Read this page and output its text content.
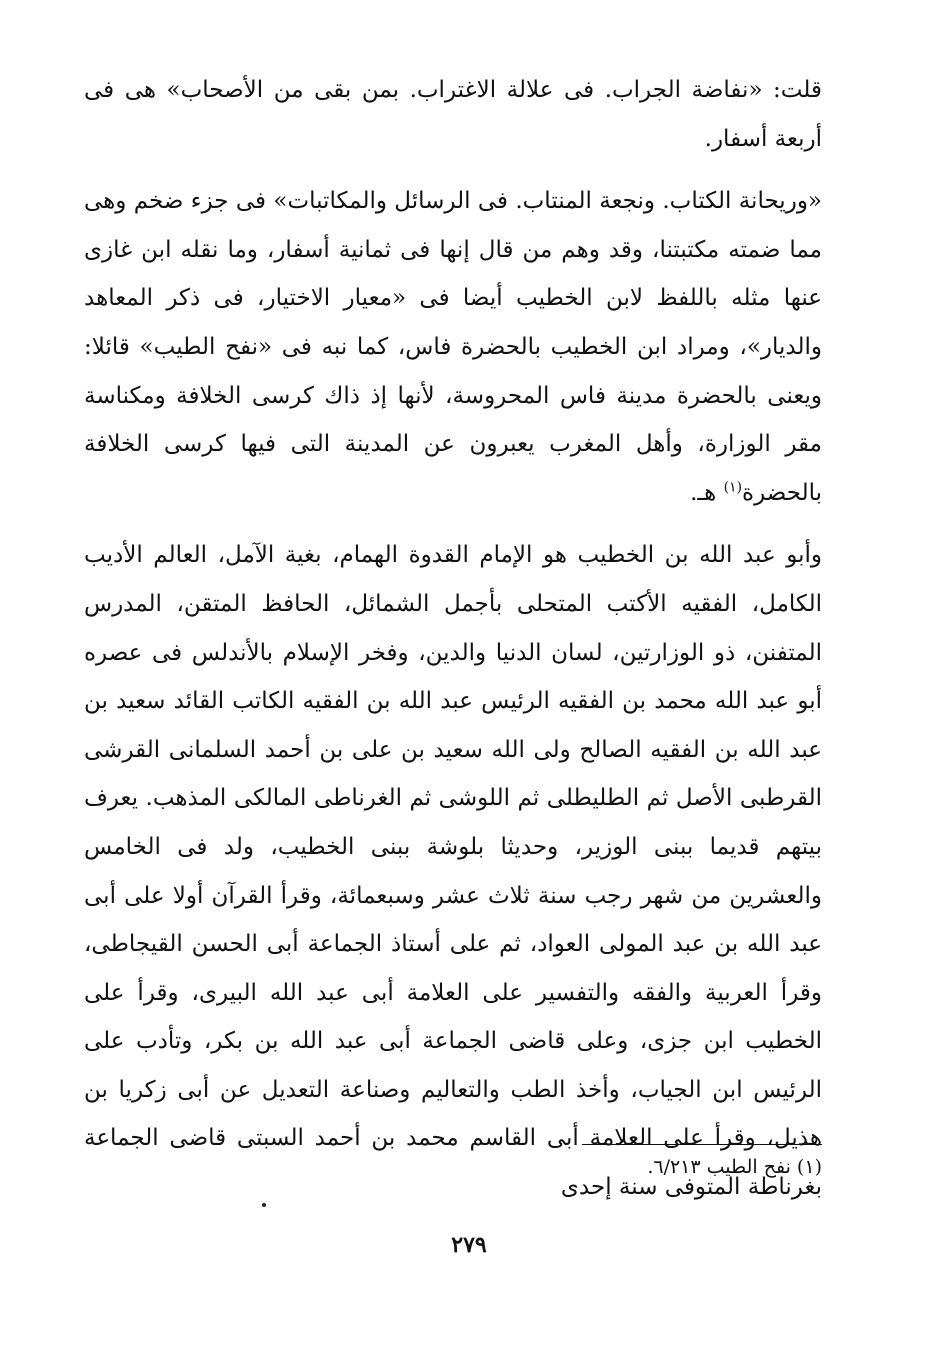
قلت: «نفاضة الجراب. فى علالة الاغتراب. بمن بقى من الأصحاب» هى فى أربعة أسفار.

«وريحانة الكتاب. ونجعة المنتاب. فى الرسائل والمكاتبات» فى جزء ضخم وهى مما ضمته مكتبتنا، وقد وهم من قال إنها فى ثمانية أسفار، وما نقله ابن غازى عنها مثله باللفظ لابن الخطيب أيضا فى «معيار الاختيار، فى ذكر المعاهد والديار»، ومراد ابن الخطيب بالحضرة فاس، كما نبه فى «نفح الطيب» قائلا: ويعنى بالحضرة مدينة فاس المحروسة، لأنها إذ ذاك كرسى الخلافة ومكناسة مقر الوزارة، وأهل المغرب يعبرون عن المدينة التى فيها كرسى الخلافة بالحضرة$^{(١)}$ هـ.

وأبو عبد الله بن الخطيب هو الإمام القدوة الهمام، بغية الآمل، العالم الأديب الكامل، الفقيه الأكتب المتحلى بأجمل الشمائل، الحافظ المتقن، المدرس المتفنن، ذو الوزارتين، لسان الدنيا والدين، وفخر الإسلام بالأندلس فى عصره أبو عبد الله محمد بن الفقيه الرئيس عبد الله بن الفقيه الكاتب القائد سعيد بن عبد الله بن الفقيه الصالح ولى الله سعيد بن على بن أحمد السلمانى القرشى القرطبى الأصل ثم الطليطلى ثم اللوشى ثم الغرناطى المالكى المذهب. يعرف بيتهم قديما ببنى الوزير، وحديثا بلوشة ببنى الخطيب، ولد فى الخامس والعشرين من شهر رجب سنة ثلاث عشر وسبعمائة، وقرأ القرآن أولا على أبى عبد الله بن عبد المولى العواد، ثم على أستاذ الجماعة أبى الحسن القيجاطى، وقرأ العربية والفقه والتفسير على العلامة أبى عبد الله البيرى، وقرأ على الخطيب ابن جزى، وعلى قاضى الجماعة أبى عبد الله بن بكر، وتأدب على الرئيس ابن الجياب، وأخذ الطب والتعاليم وصناعة التعديل عن أبى زكريا بن هذيل، وقرأ على العلامة أبى القاسم محمد بن أحمد السبتى قاضى الجماعة بغرناطة المتوفى سنة إحدى

(١) نفح الطيب ٦/٢١٣.
٢٧٩
